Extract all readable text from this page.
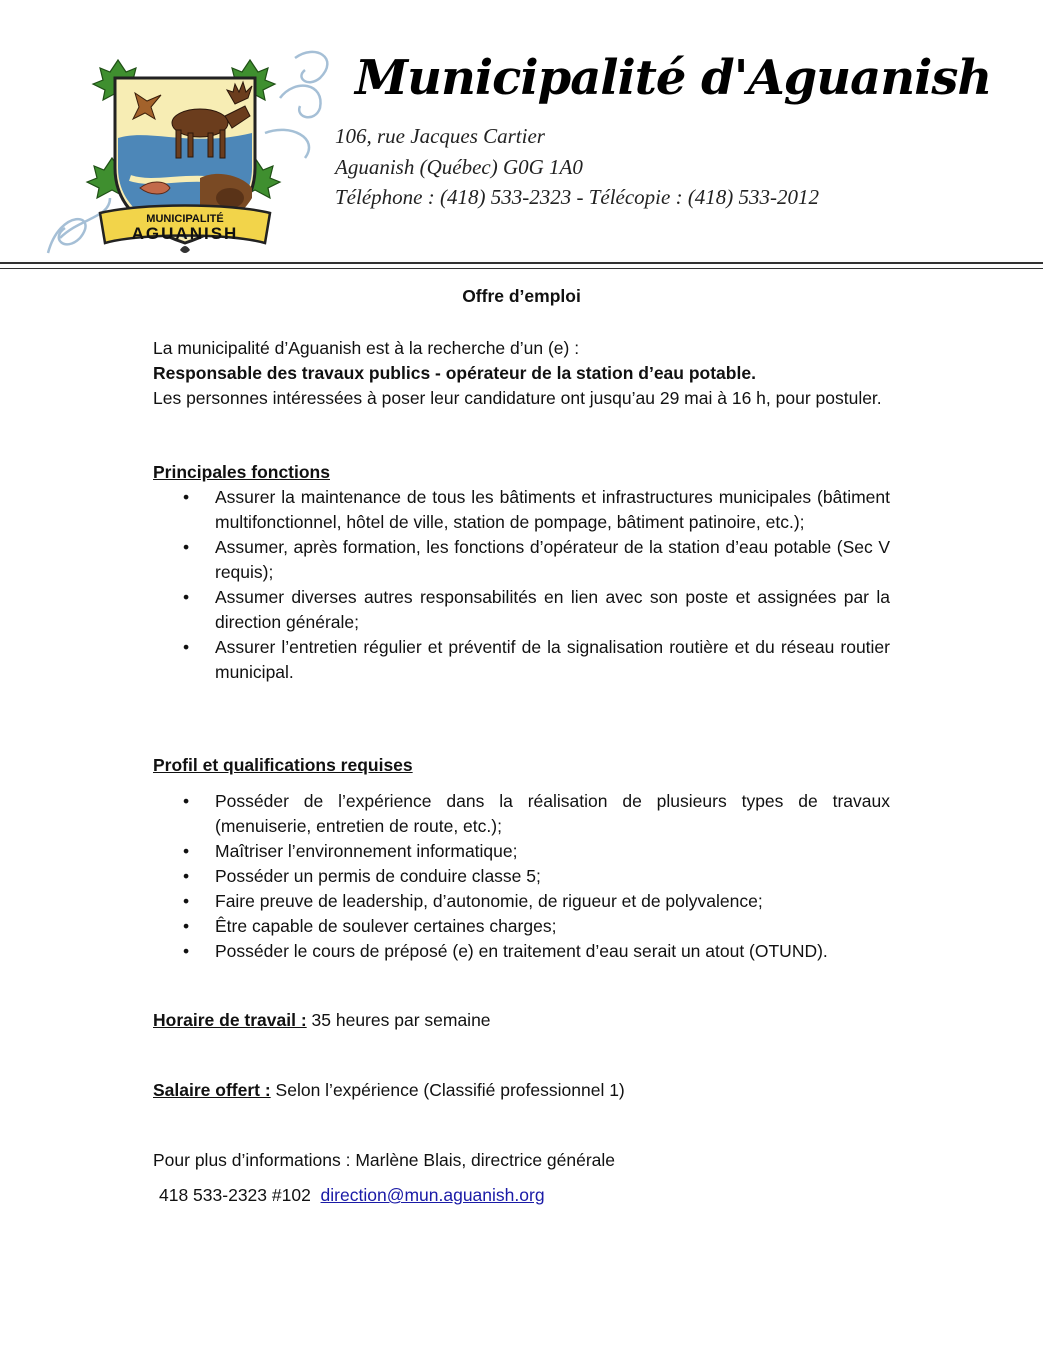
MUNICIPALITÉ
AGUANISH
Municipalité d'Aguanish
106, rue Jacques Cartier
Aguanish (Québec) G0G 1A0
Téléphone : (418) 533-2323 - Télécopie : (418) 533-2012
Offre d’emploi
La municipalité d’Aguanish est à la recherche d’un (e) :
Responsable des travaux publics - opérateur de la station d’eau potable.
Les personnes intéressées à poser leur candidature ont jusqu’au 29 mai à 16 h, pour postuler.
Principales fonctions
• Assurer la maintenance de tous les bâtiments et infrastructures municipales (bâtiment multifonctionnel, hôtel de ville, station de pompage, bâtiment patinoire, etc.);
• Assumer, après formation, les fonctions d’opérateur de la station d’eau potable (Sec V requis);
• Assumer diverses autres responsabilités en lien avec son poste et assignées par la direction générale;
• Assurer l’entretien régulier et préventif de la signalisation routière et du réseau routier municipal.
Profil et qualifications requises
• Posséder de l’expérience dans la réalisation de plusieurs types de travaux (menuiserie, entretien de route, etc.);
• Maîtriser l’environnement informatique;
• Posséder un permis de conduire classe 5;
• Faire preuve de leadership, d’autonomie, de rigueur et de polyvalence;
• Être capable de soulever certaines charges;
• Posséder le cours de préposé (e) en traitement d’eau serait un atout (OTUND).
Horaire de travail : 35 heures par semaine
Salaire offert : Selon l’expérience (Classifié professionnel 1)
Pour plus d’informations : Marlène Blais, directrice générale
418 533-2323 #102 direction@mun.aguanish.org
